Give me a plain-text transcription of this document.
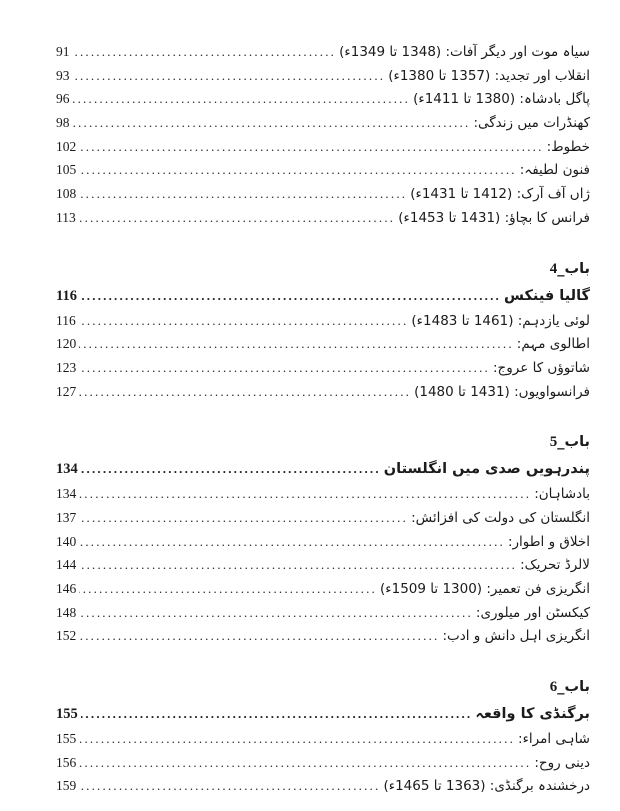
سیاہ موت اور دیگر آفات: (1348 تا 1349ء)
.....
91
انقلاب اور تجدید: (1357 تا 1380ء)
.....
93
پاگل بادشاہ: (1380 تا 1411ء)
.....
96
کھنڈرات میں زندگی:
.....
98
خطوط:
.....
102
فنون لطیفہ:
.....
105
ژاں آف آرک: (1412 تا 1431ء)
.....
108
فرانس کا بچاؤ: (1431 تا 1453ء)
.....
113
باب_4
گالیا فینکس
.....
116
لوئی یازدہم: (1461 تا 1483ء)
.....
116
اطالوی مہم:
.....
120
شاتوؤں کا عروج:
.....
123
فرانسواویوں: (1431 تا 1480)
.....
127
باب_5
پندرہویں صدی میں انگلستان
.....
134
بادشاہان:
.....
134
انگلستان کی دولت کی افزائش:
.....
137
اخلاق و اطوار:
.....
140
لالرڈ تحریک:
.....
144
انگریزی فن تعمیر: (1300 تا 1509ء)
.....
146
کیکسٹن اور میلوری:
.....
148
انگریزی اہل دانش و ادب:
.....
152
باب_6
برگنڈی کا واقعہ
.....
155
شاہی امراء:
.....
155
دینی روح:
.....
156
درخشندہ برگنڈی: (1363 تا 1465ء)
.....
159
